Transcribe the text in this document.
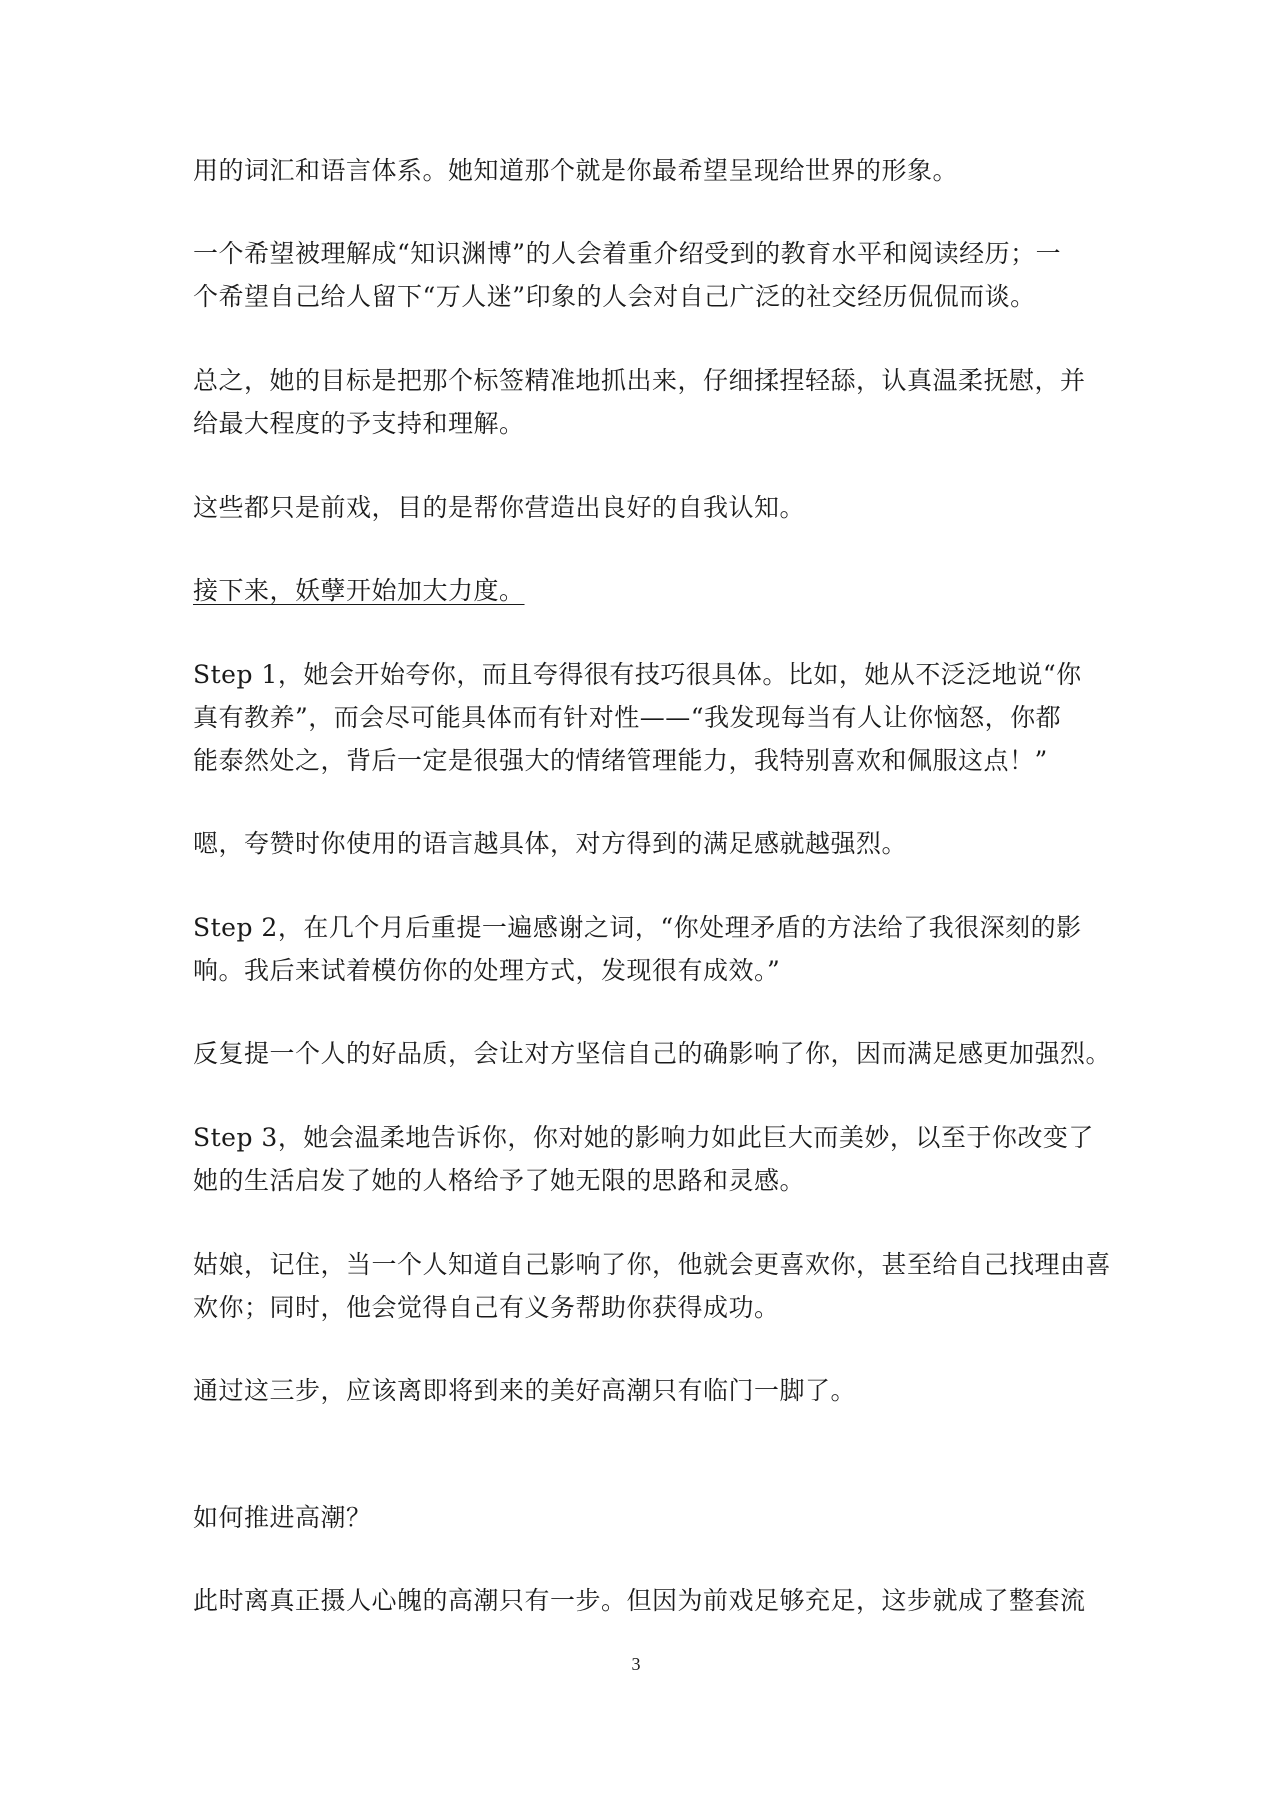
用的词汇和语言体系。她知道那个就是你最希望呈现给世界的形象。
一个希望被理解成“知识渊博”的人会着重介绍受到的教育水平和阅读经历；一
个希望自己给人留下“万人迷”印象的人会对自己广泛的社交经历侃侃而谈。
总之，她的目标是把那个标签精准地抓出来，仔细揉捏轻舔，认真温柔抚慰，并
给最大程度的予支持和理解。
这些都只是前戏，目的是帮你营造出良好的自我认知。
接下来，妖孽开始加大力度。
Step 1，她会开始夸你，而且夸得很有技巧很具体。比如，她从不泛泛地说“你
真有教养”，而会尽可能具体而有针对性——“我发现每当有人让你恼怒，你都
能泰然处之，背后一定是很强大的情绪管理能力，我特别喜欢和佩服这点！”
嗯，夸赞时你使用的语言越具体，对方得到的满足感就越强烈。
Step 2，在几个月后重提一遍感谢之词，“你处理矛盾的方法给了我很深刻的影
响。我后来试着模仿你的处理方式，发现很有成效。”
反复提一个人的好品质，会让对方坚信自己的确影响了你，因而满足感更加强烈。
Step 3，她会温柔地告诉你，你对她的影响力如此巨大而美妙，以至于你改变了
她的生活启发了她的人格给予了她无限的思路和灵感。
姑娘，记住，当一个人知道自己影响了你，他就会更喜欢你，甚至给自己找理由喜
欢你；同时，他会觉得自己有义务帮助你获得成功。
通过这三步，应该离即将到来的美好高潮只有临门一脚了。
如何推进高潮？
此时离真正摄人心魄的高潮只有一步。但因为前戏足够充足，这步就成了整套流
3
